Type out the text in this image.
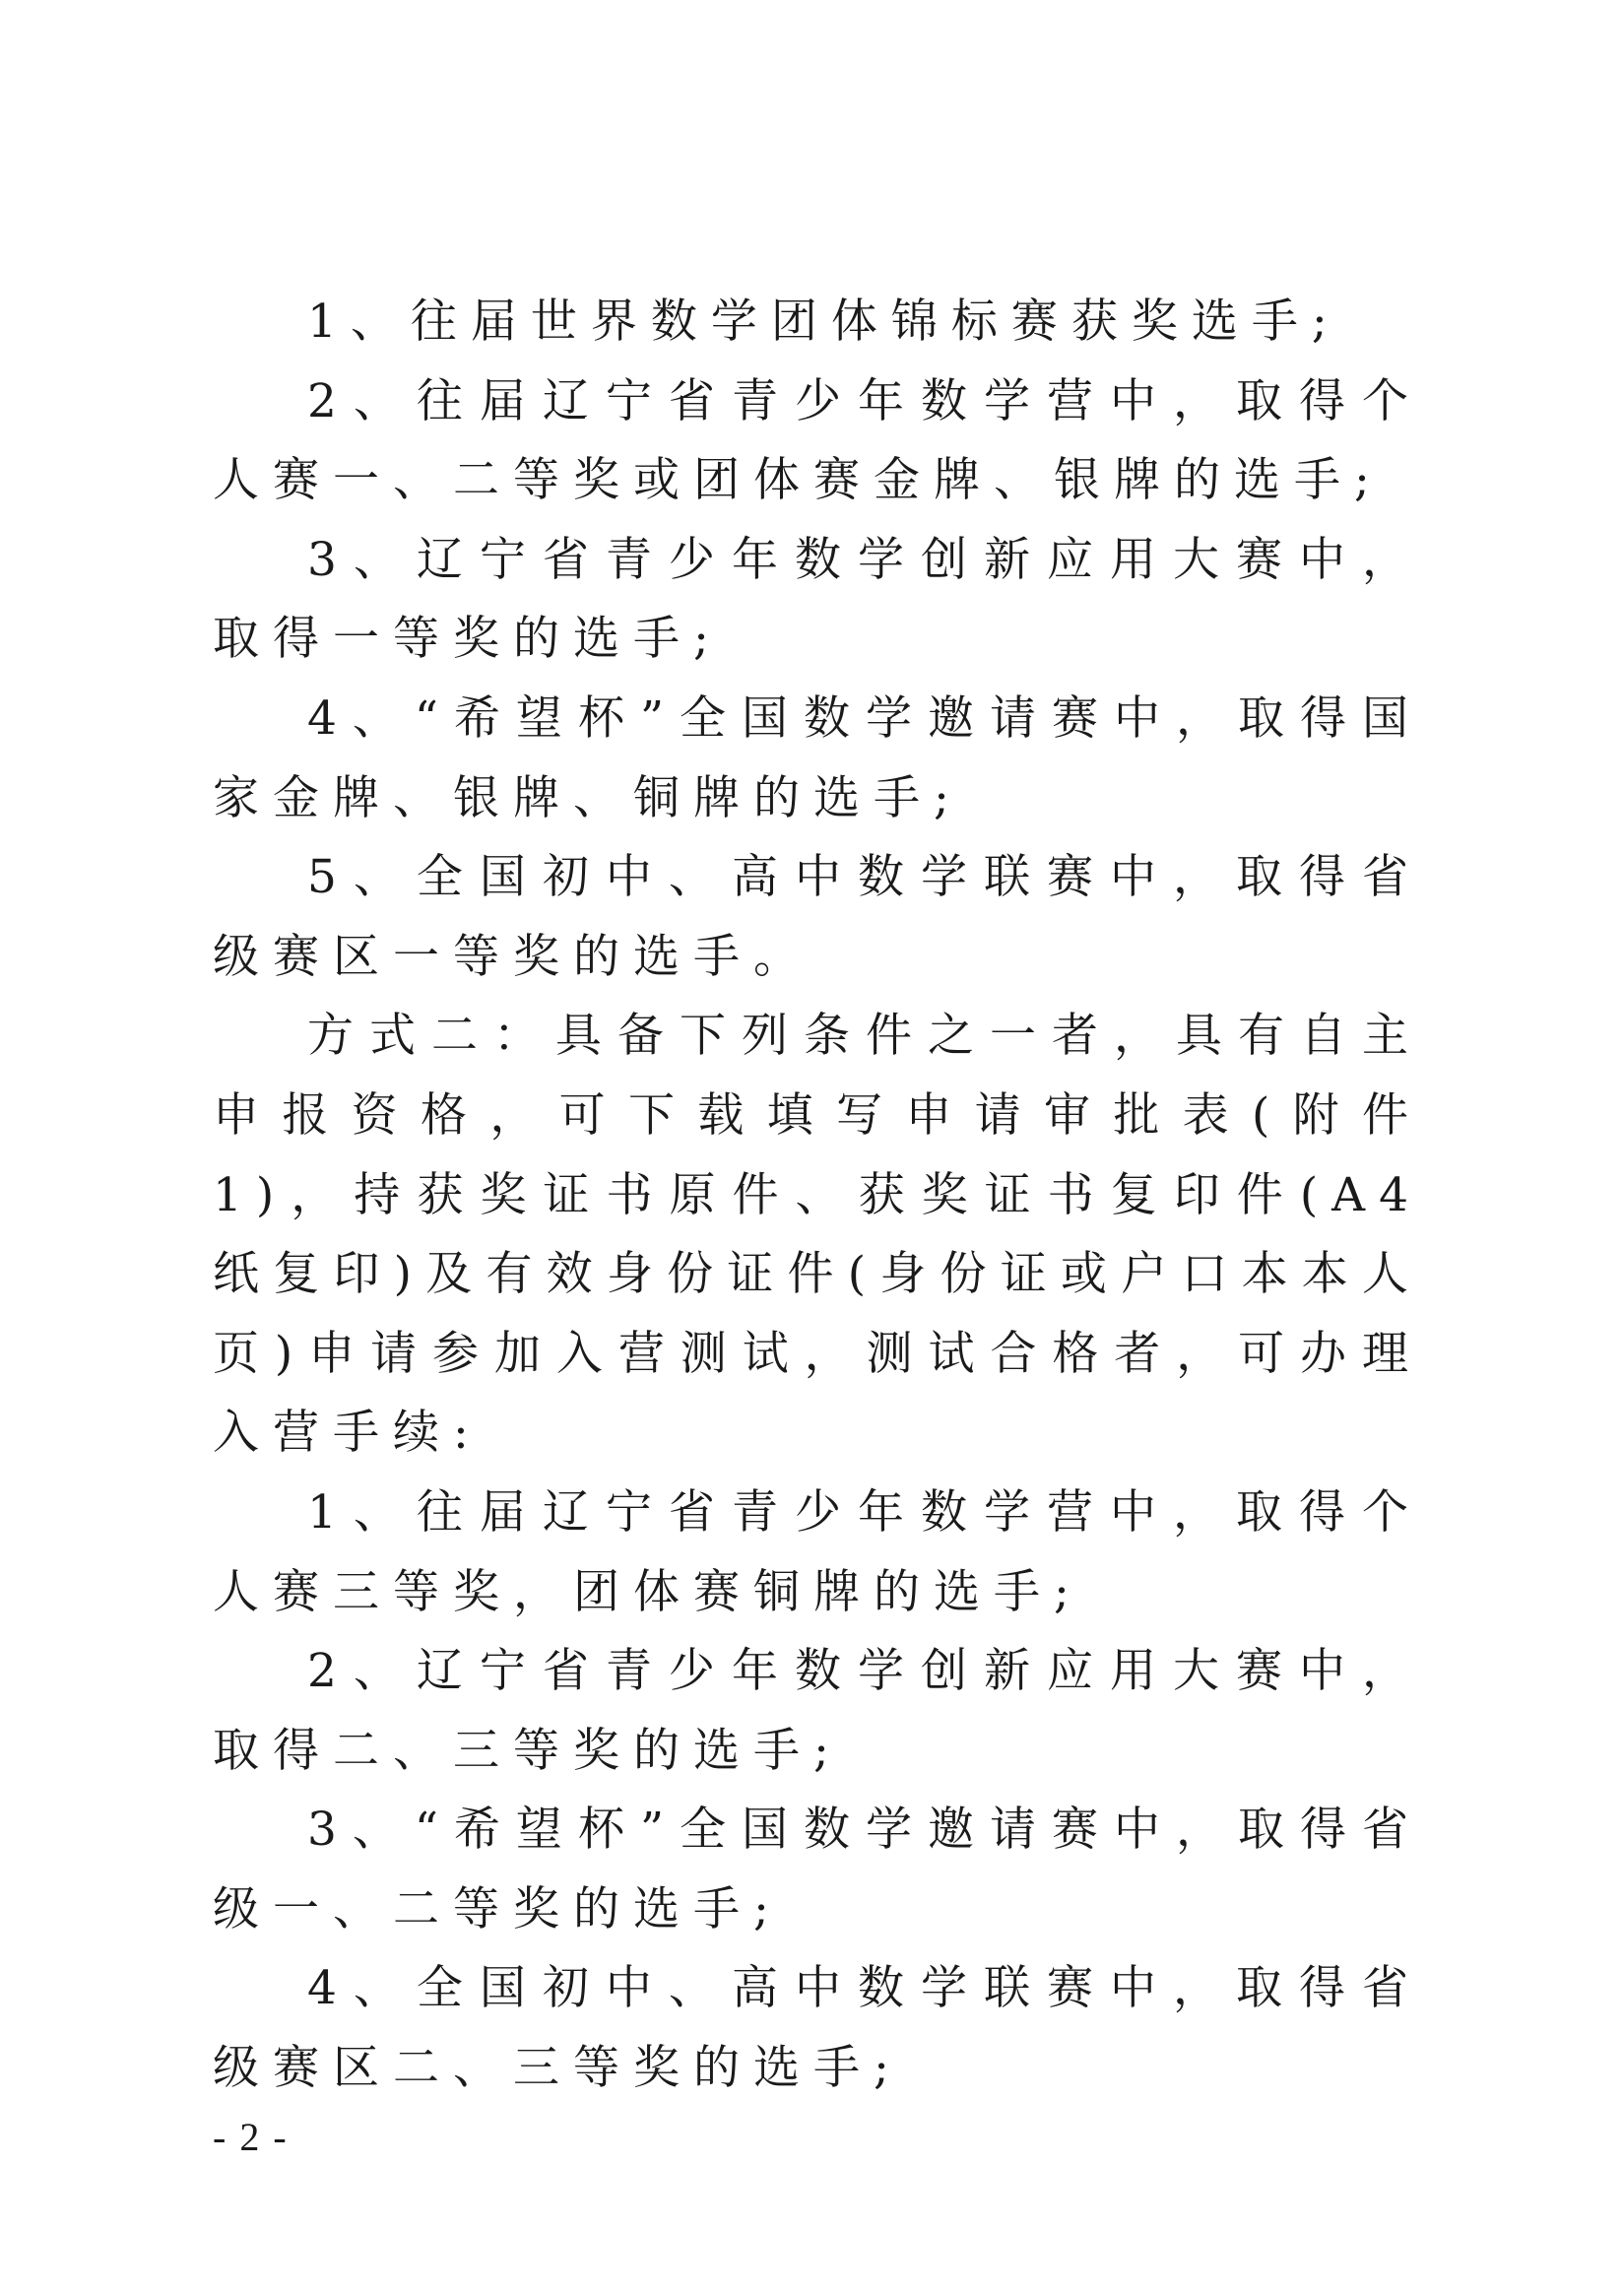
1、往届世界数学团体锦标赛获奖选手;

2、往届辽宁省青少年数学营中，取得个人赛一、二等奖或团体赛金牌、银牌的选手;

3、辽宁省青少年数学创新应用大赛中，取得一等奖的选手;

4、“希望杯”全国数学邀请赛中，取得国家金牌、银牌、铜牌的选手;

5、全国初中、高中数学联赛中，取得省级赛区一等奖的选手。

方式二：具备下列条件之一者，具有自主申报资格，可下载填写申请审批表(附件 1)，持获奖证书原件、获奖证书复印件(A4 纸复印)及有效身份证件(身份证或户口本本人页)申请参加入营测试，测试合格者，可办理入营手续:

1、往届辽宁省青少年数学营中，取得个人赛三等奖，团体赛铜牌的选手;

2、辽宁省青少年数学创新应用大赛中，取得二、三等奖的选手;

3、“希望杯”全国数学邀请赛中，取得省级一、二等奖的选手;

4、全国初中、高中数学联赛中，取得省级赛区二、三等奖的选手;

- 2 -
